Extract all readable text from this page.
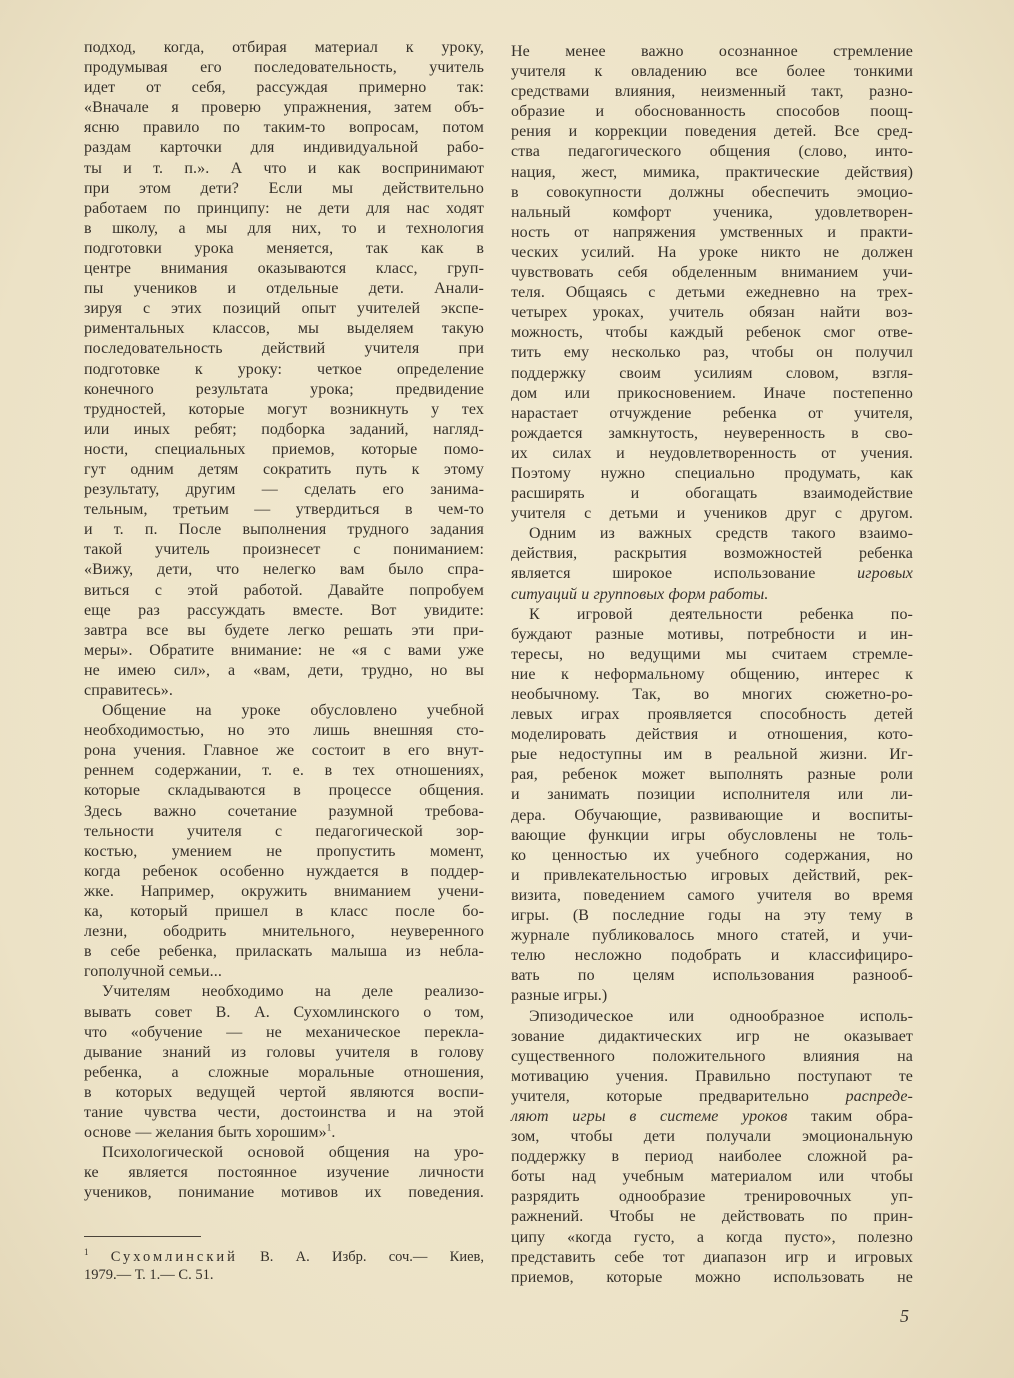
подход, когда, отбирая материал к уроку,
продумывая его последовательность, учитель
идет от себя, рассуждая примерно так:
«Вначале я проверю упражнения, затем объ-
ясню правило по таким-то вопросам, потом
раздам карточки для индивидуальной рабо-
ты и т. п.». А что и как воспринимают
при этом дети? Если мы действительно
работаем по принципу: не дети для нас ходят
в школу, а мы для них, то и технология
подготовки урока меняется, так как в
центре внимания оказываются класс, груп-
пы учеников и отдельные дети. Анали-
зируя с этих позиций опыт учителей экспе-
риментальных классов, мы выделяем такую
последовательность действий учителя при
подготовке к уроку: четкое определение
конечного результата урока; предвидение
трудностей, которые могут возникнуть у тех
или иных ребят; подборка заданий, нагляд-
ности, специальных приемов, которые помо-
гут одним детям сократить путь к этому
результату, другим — сделать его занима-
тельным, третьим — утвердиться в чем-то
и т. п. После выполнения трудного задания
такой учитель произнесет с пониманием:
«Вижу, дети, что нелегко вам было спра-
виться с этой работой. Давайте попробуем
еще раз рассуждать вместе. Вот увидите:
завтра все вы будете легко решать эти при-
меры». Обратите внимание: не «я с вами уже
не имею сил», а «вам, дети, трудно, но вы
справитесь».
Общение на уроке обусловлено учебной
необходимостью, но это лишь внешняя сто-
рона учения. Главное же состоит в его внут-
реннем содержании, т. е. в тех отношениях,
которые складываются в процессе общения.
Здесь важно сочетание разумной требова-
тельности учителя с педагогической зор-
костью, умением не пропустить момент,
когда ребенок особенно нуждается в поддер-
жке. Например, окружить вниманием учени-
ка, который пришел в класс после бо-
лезни, ободрить мнительного, неуверенного
в себе ребенка, приласкать малыша из небла-
гополучной семьи...
Учителям необходимо на деле реализо-
вывать совет В. А. Сухомлинского о том,
что «обучение — не механическое перекла-
дывание знаний из головы учителя в голову
ребенка, а сложные моральные отношения,
в которых ведущей чертой являются воспи-
тание чувства чести, достоинства и на этой
основе — желания быть хорошим»$^1$.
Психологической основой общения на уро-
ке является постоянное изучение личности
учеников, понимание мотивов их поведения.
Не менее важно осознанное стремление
учителя к овладению все более тонкими
средствами влияния, неизменный такт, разно-
образие и обоснованность способов поощ-
рения и коррекции поведения детей. Все сред-
ства педагогического общения (слово, инто-
нация, жест, мимика, практические действия)
в совокупности должны обеспечить эмоцио-
нальный комфорт ученика, удовлетворен-
ность от напряжения умственных и практи-
ческих усилий. На уроке никто не должен
чувствовать себя обделенным вниманием учи-
теля. Общаясь с детьми ежедневно на трех-
четырех уроках, учитель обязан найти воз-
можность, чтобы каждый ребенок смог отве-
тить ему несколько раз, чтобы он получил
поддержку своим усилиям словом, взгля-
дом или прикосновением. Иначе постепенно
нарастает отчуждение ребенка от учителя,
рождается замкнутость, неуверенность в сво-
их силах и неудовлетворенность от учения.
Поэтому нужно специально продумать, как
расширять и обогащать взаимодействие
учителя с детьми и учеников друг с другом.
Одним из важных средств такого взаимо-
действия, раскрытия возможностей ребенка
является широкое использование игровых
ситуаций и групповых форм работы.
К игровой деятельности ребенка по-
буждают разные мотивы, потребности и ин-
тересы, но ведущими мы считаем стремле-
ние к неформальному общению, интерес к
необычному. Так, во многих сюжетно-ро-
левых играх проявляется способность детей
моделировать действия и отношения, кото-
рые недоступны им в реальной жизни. Иг-
рая, ребенок может выполнять разные роли
и занимать позиции исполнителя или ли-
дера. Обучающие, развивающие и воспиты-
вающие функции игры обусловлены не толь-
ко ценностью их учебного содержания, но
и привлекательностью игровых действий, рек-
визита, поведением самого учителя во время
игры. (В последние годы на эту тему в
журнале публиковалось много статей, и учи-
телю несложно подобрать и классифициро-
вать по целям использования разнооб-
разные игры.)
Эпизодическое или однообразное исполь-
зование дидактических игр не оказывает
существенного положительного влияния на
мотивацию учения. Правильно поступают те
учителя, которые предварительно распреде-
ляют игры в системе уроков таким обра-
зом, чтобы дети получали эмоциональную
поддержку в период наиболее сложной ра-
боты над учебным материалом или чтобы
разрядить однообразие тренировочных уп-
ражнений. Чтобы не действовать по прин-
ципу «когда густо, а когда пусто», полезно
представить себе тот диапазон игр и игровых
приемов, которые можно использовать не
$^1$ Сухомлинский В. А. Избр. соч.— Киев,
1979.— Т. 1.— С. 51.
5
